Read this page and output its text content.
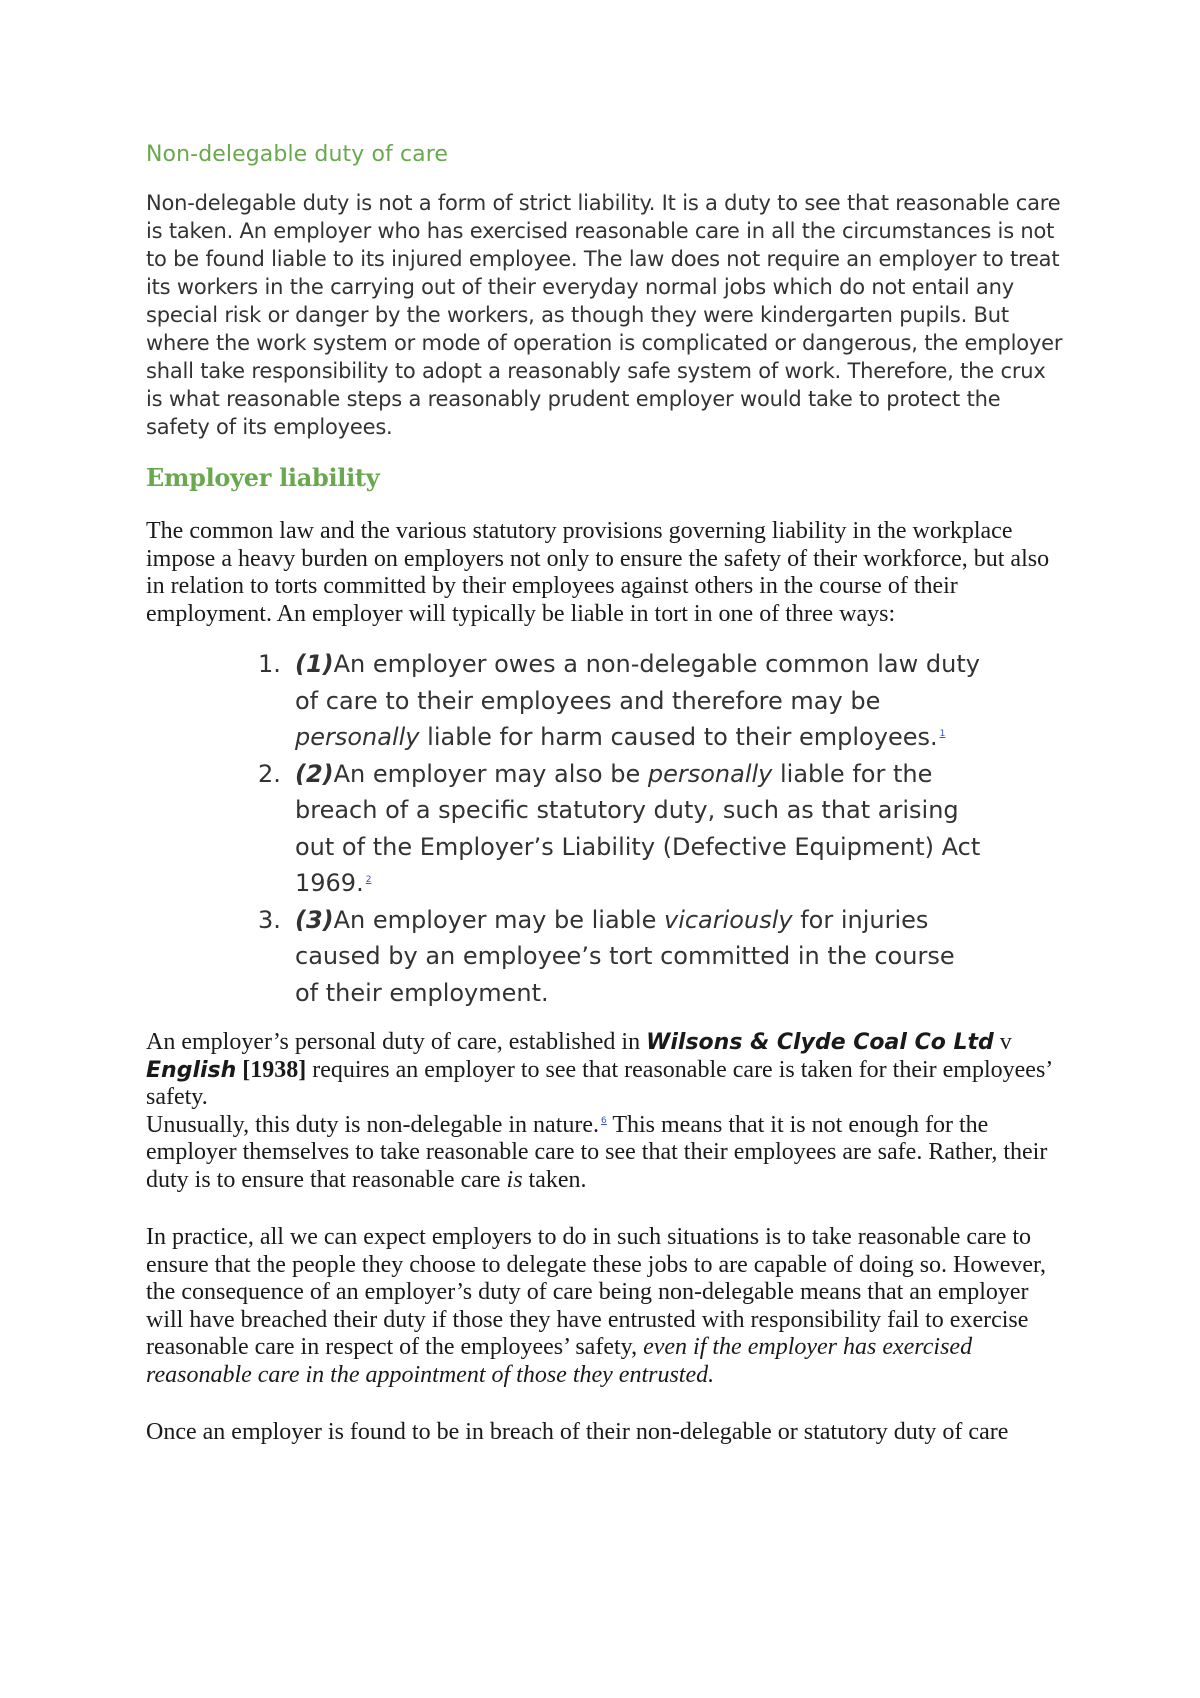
Non-delegable duty of care

Non-delegable duty is not a form of strict liability. It is a duty to see that reasonable care is taken. An employer who has exercised reasonable care in all the circumstances is not to be found liable to its injured employee. The law does not require an employer to treat its workers in the carrying out of their everyday normal jobs which do not entail any special risk or danger by the workers, as though they were kindergarten pupils. But where the work system or mode of operation is complicated or dangerous, the employer shall take responsibility to adopt a reasonably safe system of work. Therefore, the crux is what reasonable steps a reasonably prudent employer would take to protect the safety of its employees.

Employer liability

The common law and the various statutory provisions governing liability in the workplace impose a heavy burden on employers not only to ensure the safety of their workforce, but also in relation to torts committed by their employees against others in the course of their employment. An employer will typically be liable in tort in one of three ways:

1. (1)An employer owes a non-delegable common law duty of care to their employees and therefore may be personally liable for harm caused to their employees. $^1$
2. (2)An employer may also be personally liable for the breach of a specific statutory duty, such as that arising out of the Employer’s Liability (Defective Equipment) Act 1969. $^2$
3. (3)An employer may be liable vicariously for injuries caused by an employee’s tort committed in the course of their employment.

An employer’s personal duty of care, established in Wilsons & Clyde Coal Co Ltd v English [1938] requires an employer to see that reasonable care is taken for their employees’ safety.

Unusually, this duty is non-delegable in nature. $^6$ This means that it is not enough for the employer themselves to take reasonable care to see that their employees are safe. Rather, their duty is to ensure that reasonable care is taken.

In practice, all we can expect employers to do in such situations is to take reasonable care to ensure that the people they choose to delegate these jobs to are capable of doing so. However, the consequence of an employer’s duty of care being non-delegable means that an employer will have breached their duty if those they have entrusted with responsibility fail to exercise reasonable care in respect of the employees’ safety, even if the employer has exercised reasonable care in the appointment of those they entrusted.

Once an employer is found to be in breach of their non-delegable or statutory duty of care
